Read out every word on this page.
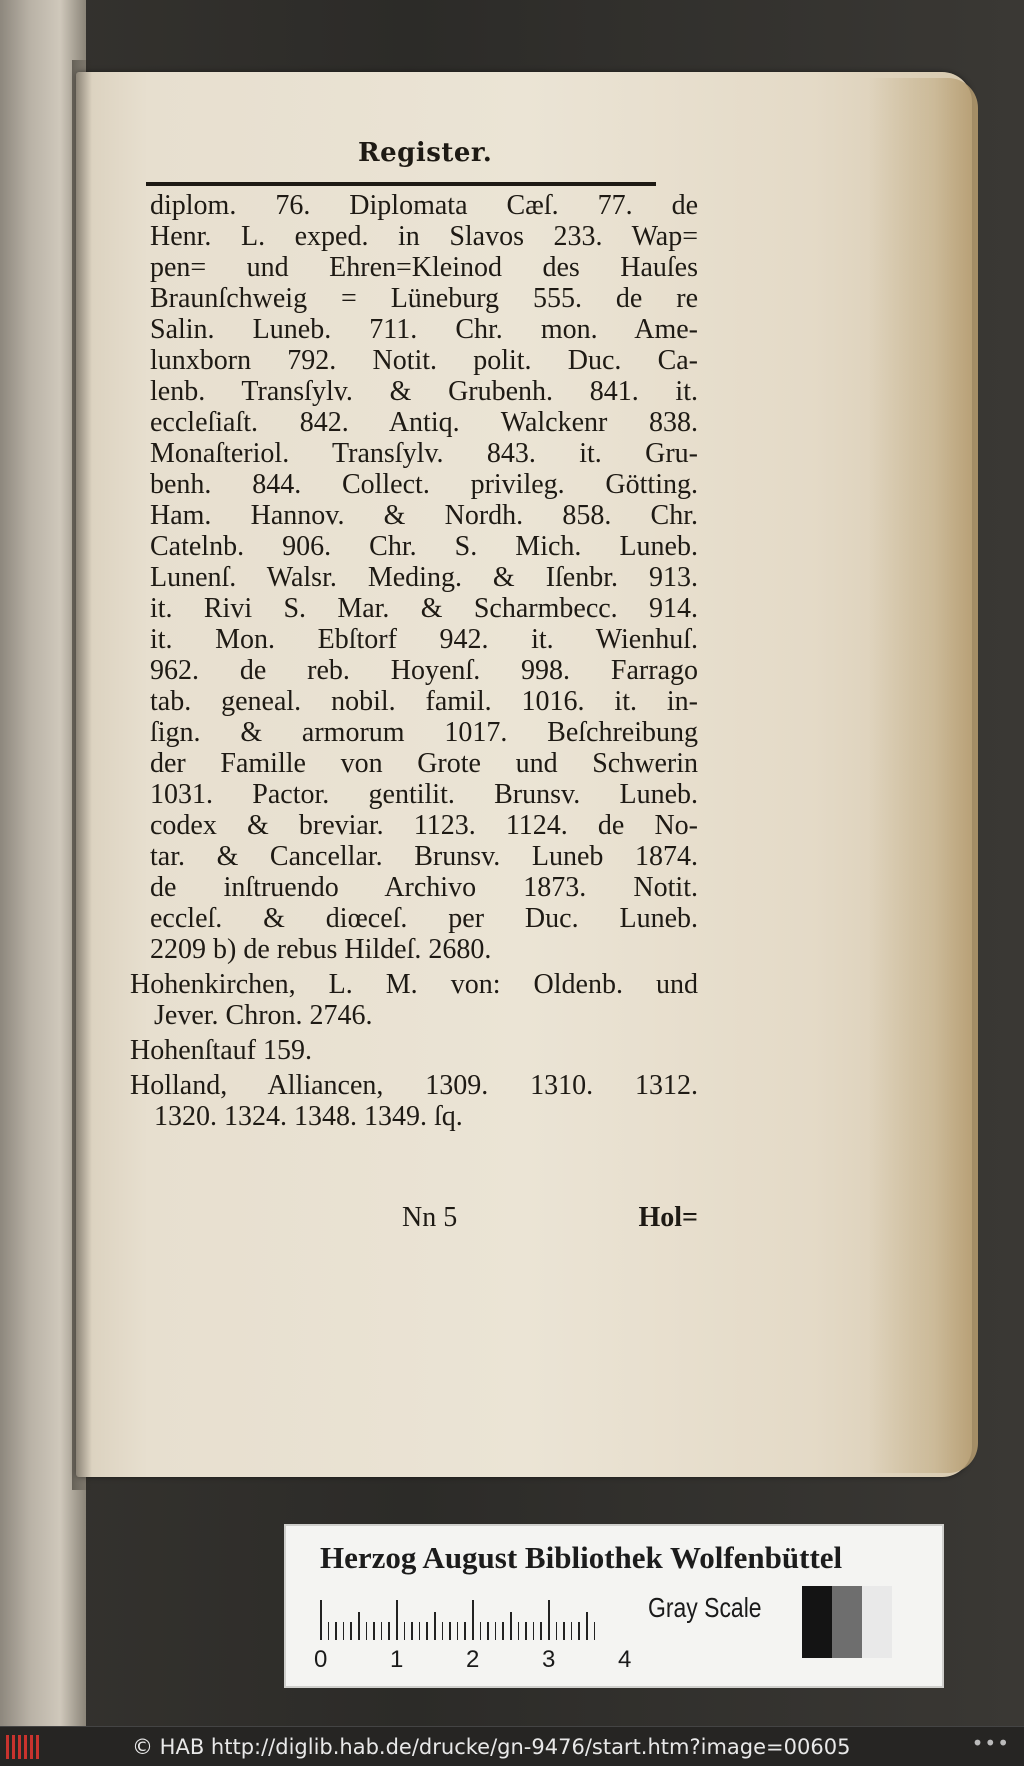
Register.
diplom. 76. Diplomata Cæſ. 77. de
Henr. L. exped. in Slavos 233. Wap=
pen= und Ehren=Kleinod des Hauſes
Braunſchweig = Lüneburg 555. de re
Salin. Luneb. 711. Chr. mon. Ame-
lunxborn 792. Notit. polit. Duc. Ca-
lenb. Transſylv. & Grubenh. 841. it.
eccleſiaſt. 842. Antiq. Walckenr 838.
Monaſteriol. Transſylv. 843. it. Gru-
benh. 844. Collect. privileg. Götting.
Ham. Hannov. & Nordh. 858. Chr.
Catelnb. 906. Chr. S. Mich. Luneb.
Lunenſ. Walsr. Meding. & Iſenbr. 913.
it. Rivi S. Mar. & Scharmbecc. 914.
it. Mon. Ebſtorf 942. it. Wienhuſ.
962. de reb. Hoyenſ. 998. Farrago
tab. geneal. nobil. famil. 1016. it. in-
ſign. & armorum 1017. Beſchreibung
der Famille von Grote und Schwerin
1031. Pactor. gentilit. Brunsv. Luneb.
codex & breviar. 1123. 1124. de No-
tar. & Cancellar. Brunsv. Luneb 1874.
de inſtruendo Archivo 1873. Notit.
eccleſ. & diœceſ. per Duc. Luneb.
2209 b) de rebus Hildeſ. 2680.
Hohenkirchen, L. M. von: Oldenb. und
Jever. Chron. 2746.
Hohenſtauf 159.
Holland, Alliancen, 1309. 1310. 1312.
1320. 1324. 1348. 1349. ſq.
Nn 5	Hol=
Herzog August Bibliothek Wolfenbüttel
0	1	2	3	4
Gray Scale
© HAB http://diglib.hab.de/drucke/gn-9476/start.htm?image=00605	•••
